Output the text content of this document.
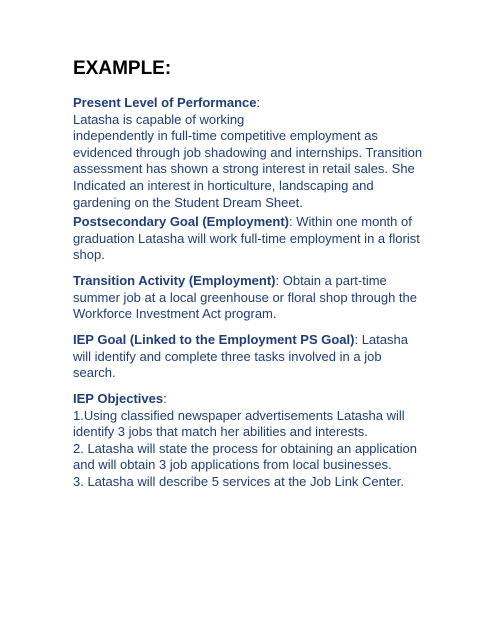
EXAMPLE:
Present Level of Performance:
Latasha is capable of working
independently in full-time competitive employment as
evidenced through job shadowing and internships. Transition
assessment has shown a strong interest in retail sales. She
Indicated an interest in horticulture, landscaping and
gardening on the Student Dream Sheet.
Postsecondary Goal (Employment): Within one month of
graduation Latasha will work full-time employment in a florist
shop.
Transition Activity (Employment): Obtain a part-time
summer job at a local greenhouse or floral shop through the
Workforce Investment Act program.
IEP Goal (Linked to the Employment PS Goal): Latasha
will identify and complete three tasks involved in a job
search.
IEP Objectives:
1.Using classified newspaper advertisements Latasha will
identify 3 jobs that match her abilities and interests.
2. Latasha will state the process for obtaining an application
and will obtain 3 job applications from local businesses.
3. Latasha will describe 5 services at the Job Link Center.
